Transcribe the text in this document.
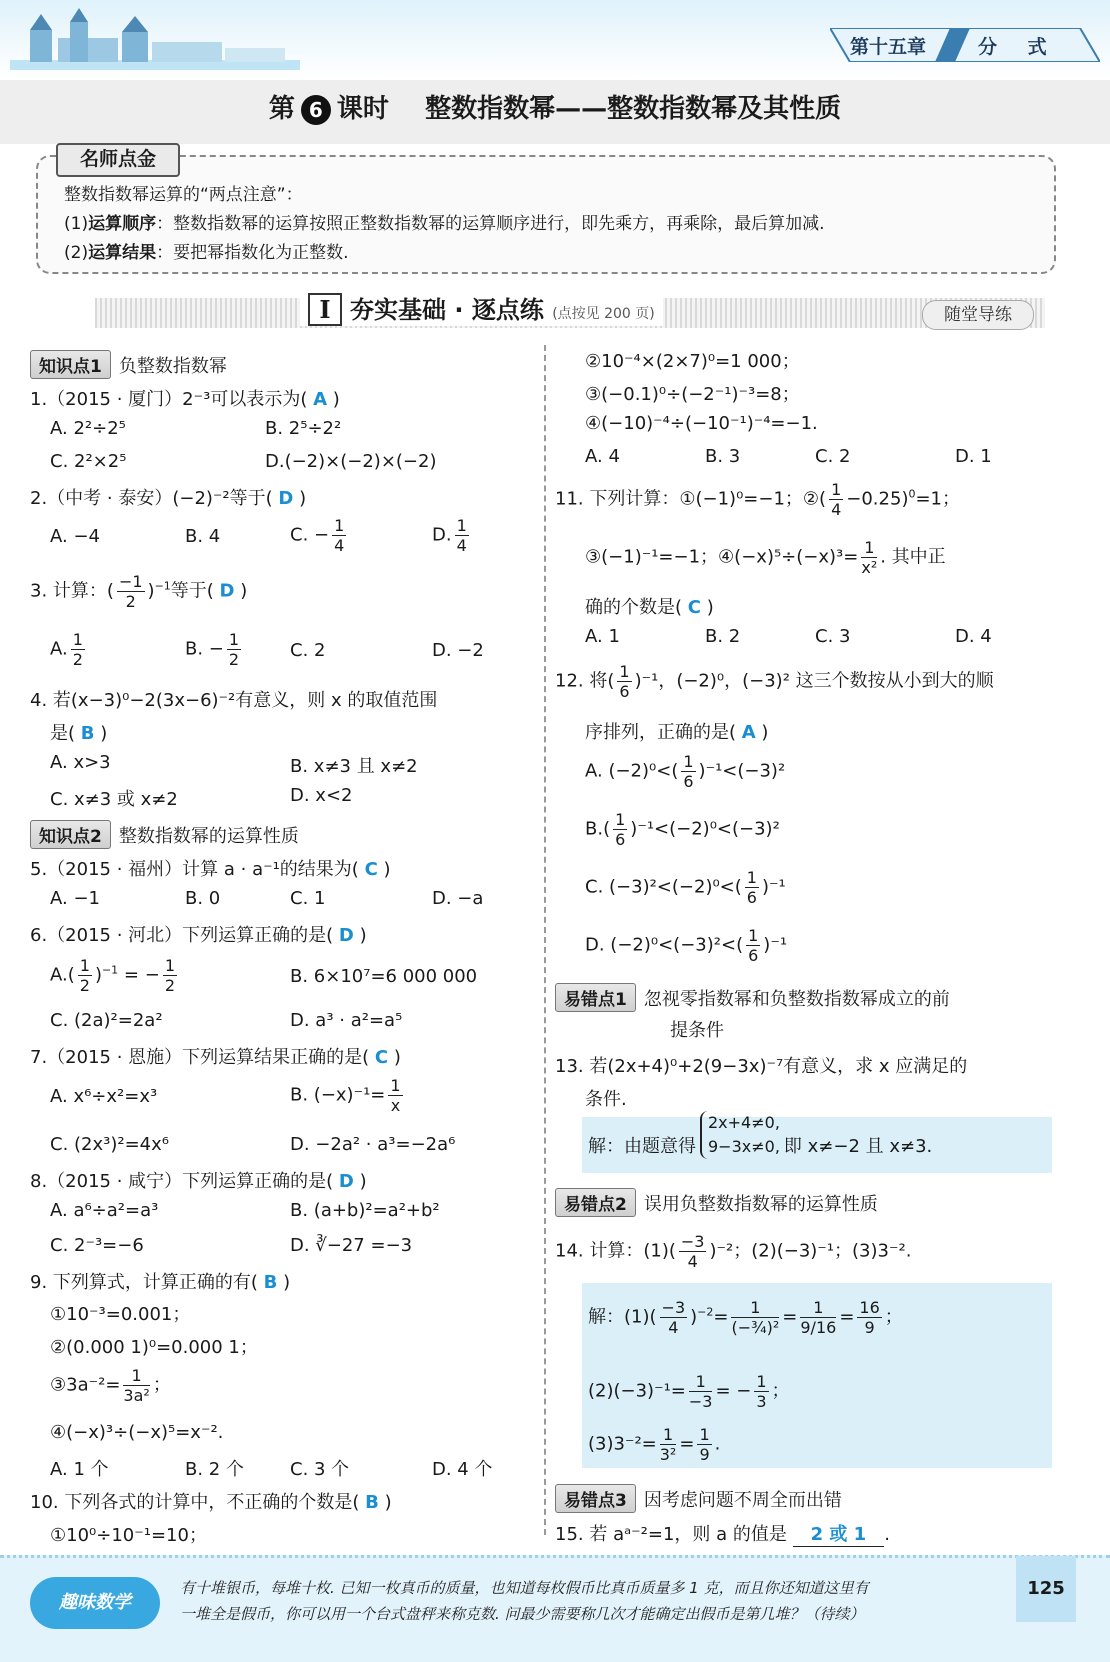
第十五章	分 式
第 6 课时 整数指数幂——整数指数幂及其性质
名师点金
整数指数幂运算的“两点注意”：
(1)运算顺序：整数指数幂的运算按照正整数指数幂的运算顺序进行，即先乘方，再乘除，最后算加减.
(2)运算结果：要把幂指数化为正整数.
I 夯实基础 · 逐点练 (点按见 200 页)	随堂导练
知识点1 负整数指数幂
1.（2015 · 厦门）2⁻³可以表示为( A )
A. 2²÷2⁵	B. 2⁵÷2²
C. 2²×2⁵	D.(−2)×(−2)×(−2)
2.（中考 · 泰安）(−2)⁻²等于( D )
A. −4	B. 4	C. − $\frac{1}{4}$	D. $\frac{1}{4}$
3. 计算：( $\frac{-1}{2} )^{-1}$等于( D )
A. $\frac{1}{2}$	B. − $\frac{1}{2}$	C. 2	D. −2
4. 若(x−3)⁰−2(3x−6)⁻²有意义，则 x 的取值范围
是( B )
A. x>3	B. x≠3 且 x≠2
C. x≠3 或 x≠2	D. x<2
知识点2 整数指数幂的运算性质
5.（2015 · 福州）计算 a · a⁻¹的结果为( C )
A. −1	B. 0	C. 1	D. −a
6.（2015 · 河北）下列运算正确的是( D )
$A.( \frac{1}{2} )^{-1}$ = − $\frac{1}{2}$	B. 6×10⁷=6 000 000
C. (2a)²=2a²	D. a³ · a²=a⁵
7.（2015 · 恩施）下列运算结果正确的是( C )
A. x⁶÷x²=x³	B. $(-x)^{-1}= \frac{1}{x}$
C. (2x³)²=4x⁶	D. −2a² · a³=−2a⁶
8.（2015 · 咸宁）下列运算正确的是( D )
A. a⁶÷a²=a³	B. (a+b)²=a²+b²
C. 2⁻³=−6	D. ∛−27 =−3
9. 下列算式，计算正确的有( B )
①10⁻³=0.001；
②(0.000 1)⁰=0.000 1；
③3a⁻²= $\frac{1}{\text{3a²}}$ ；
④(−x)³÷(−x)⁵=x⁻².
A. 1 个	B. 2 个	C. 3 个	D. 4 个
10. 下列各式的计算中，不正确的个数是( B )
①10⁰÷10⁻¹=10；
②10⁻⁴×(2×7)⁰=1 000；
③(−0.1)⁰÷(−2⁻¹)⁻³=8；
④(−10)⁻⁴÷(−10⁻¹)⁻⁴=−1.
A. 4	B. 3	C. 2	D. 1
11. 下列计算：①(−1)⁰=−1；②( $\frac{1}{4} -0.25)^0=1$；
③(−1)⁻¹=−1；④(−x)⁵÷(−x)³= $\frac{1}{\text{x²}}$ . 其中正
确的个数是( C )
A. 1	B. 2	C. 3	D. 4
12. 将( $\frac{1}{6} )^{-1}$，(−2)⁰，(−3)² 这三个数按从小到大的顺
序排列，正确的是( A )
A. $(-2)^0<( \frac{1}{6} )^{-1}<(-3)^2$
$B.( \frac{1}{6} )^{-1}<(-2)^0<(-3)^2$
C. $(-3)^2<(-2)^0<( \frac{1}{6} )^{-1}$
D. $(-2)^0<(-3)^2<( \frac{1}{6} )^{-1}$
易错点1 忽视零指数幂和负整数指数幂成立的前
提条件
13. 若(2x+4)⁰+2(9−3x)⁻⁷有意义，求 x 应满足的
条件.
解：由题意得
2x+4≠0,
9−3x≠0, 即 x≠−2 且 x≠3.
易错点2 误用负整数指数幂的运算性质
14. 计算：$(1)( \frac{-3}{4} )^{-2}$；(2)(−3)⁻¹；(3)3⁻².
解：$(1)( \frac{-3}{4} )^{-2}= \frac{1}{\text{(−¾)²}} = \frac{1}{9/16} = \frac{16}{9}$ ；
$(2)(-3)^{-1}= \frac{1}{-3}$ = − $\frac{1}{3}$ ；
$(3)3^{-2}= \frac{1}{\text{3²}} = \frac{1}{9}$ .
易错点3 因考虑问题不周全而出错
15. 若 aᵃ⁻²=1，则 a 的值是 2 或 1 .
趣味数学
有十堆银币，每堆十枚. 已知一枚真币的质量，也知道每枚假币比真币质量多 1 克，而且你还知道这里有
一堆全是假币，你可以用一个台式盘秤来称克数. 问最少需要称几次才能确定出假币是第几堆？（待续）
125
